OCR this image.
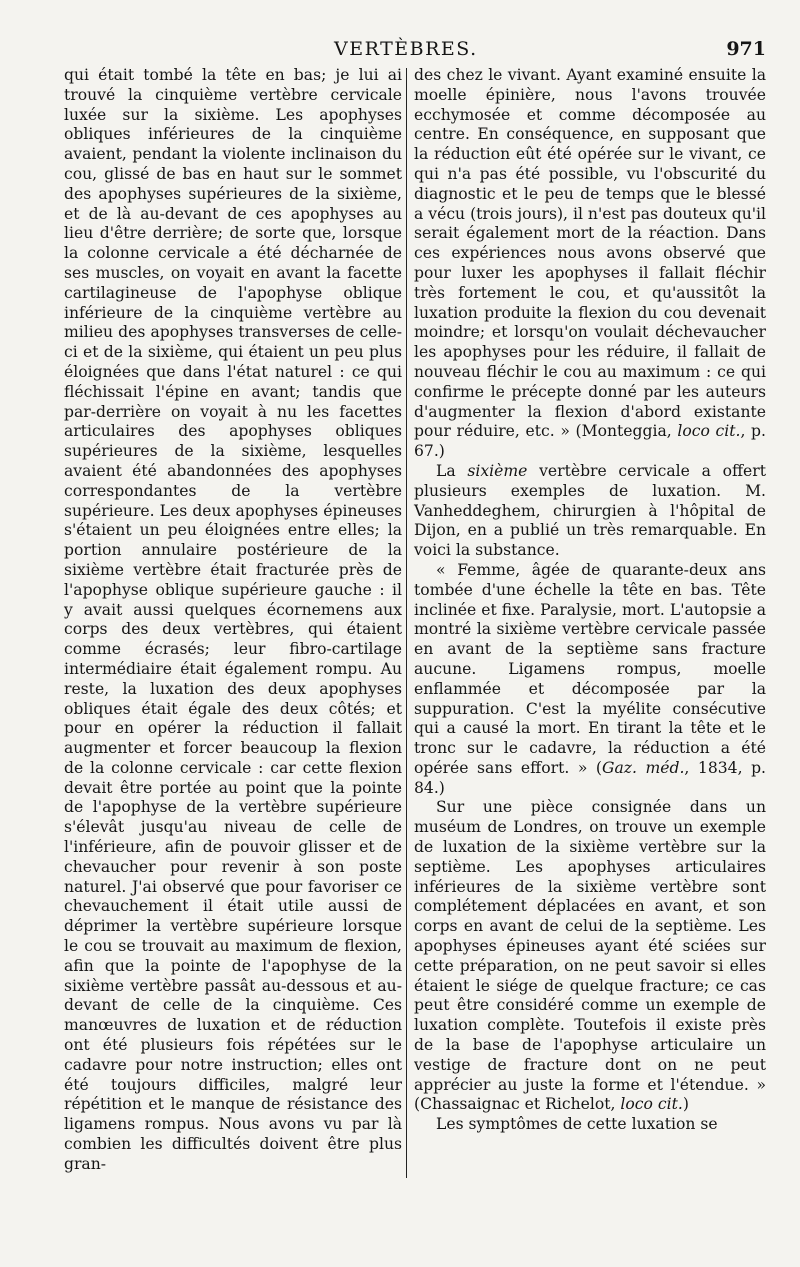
VERTÈBRES.	971

qui était tombé la tête en bas; je lui ai trouvé la cinquième vertèbre cervicale luxée sur la sixième. Les apophyses obliques inférieures de la cinquième avaient, pendant la violente inclinaison du cou, glissé de bas en haut sur le sommet des apophyses supérieures de la sixième, et de là au-devant de ces apophyses au lieu d'être derrière; de sorte que, lorsque la colonne cervicale a été décharnée de ses muscles, on voyait en avant la facette cartilagineuse de l'apophyse oblique inférieure de la cinquième vertèbre au milieu des apophyses transverses de celle-ci et de la sixième, qui étaient un peu plus éloignées que dans l'état naturel : ce qui fléchissait l'épine en avant; tandis que par-derrière on voyait à nu les facettes articulaires des apophyses obliques supérieures de la sixième, lesquelles avaient été abandonnées des apophyses correspondantes de la vertèbre supérieure. Les deux apophyses épineuses s'étaient un peu éloignées entre elles; la portion annulaire postérieure de la sixième vertèbre était fracturée près de l'apophyse oblique supérieure gauche : il y avait aussi quelques écornemens aux corps des deux vertèbres, qui étaient comme écrasés; leur fibro-cartilage intermédiaire était également rompu. Au reste, la luxation des deux apophyses obliques était égale des deux côtés; et pour en opérer la réduction il fallait augmenter et forcer beaucoup la flexion de la colonne cervicale : car cette flexion devait être portée au point que la pointe de l'apophyse de la vertèbre supérieure s'élevât jusqu'au niveau de celle de l'inférieure, afin de pouvoir glisser et de chevaucher pour revenir à son poste naturel. J'ai observé que pour favoriser ce chevauchement il était utile aussi de déprimer la vertèbre supérieure lorsque le cou se trouvait au maximum de flexion, afin que la pointe de l'apophyse de la sixième vertèbre passât au-dessous et au-devant de celle de la cinquième. Ces manœuvres de luxation et de réduction ont été plusieurs fois répétées sur le cadavre pour notre instruction; elles ont été toujours difficiles, malgré leur répétition et le manque de résistance des ligamens rompus. Nous avons vu par là combien les difficultés doivent être plus gran-

des chez le vivant. Ayant examiné ensuite la moelle épinière, nous l'avons trouvée ecchymosée et comme décomposée au centre. En conséquence, en supposant que la réduction eût été opérée sur le vivant, ce qui n'a pas été possible, vu l'obscurité du diagnostic et le peu de temps que le blessé a vécu (trois jours), il n'est pas douteux qu'il serait également mort de la réaction. Dans ces expériences nous avons observé que pour luxer les apophyses il fallait fléchir très fortement le cou, et qu'aussitôt la luxation produite la flexion du cou devenait moindre; et lorsqu'on voulait déchevaucher les apophyses pour les réduire, il fallait de nouveau fléchir le cou au maximum : ce qui confirme le précepte donné par les auteurs d'augmenter la flexion d'abord existante pour réduire, etc. » (Monteggia, loco cit., p. 67.)

La sixième vertèbre cervicale a offert plusieurs exemples de luxation. M. Vanheddeghem, chirurgien à l'hôpital de Dijon, en a publié un très remarquable. En voici la substance.

« Femme, âgée de quarante-deux ans tombée d'une échelle la tête en bas. Tête inclinée et fixe. Paralysie, mort. L'autopsie a montré la sixième vertèbre cervicale passée en avant de la septième sans fracture aucune. Ligamens rompus, moelle enflammée et décomposée par la suppuration. C'est la myélite consécutive qui a causé la mort. En tirant la tête et le tronc sur le cadavre, la réduction a été opérée sans effort. » (Gaz. méd., 1834, p. 84.)

Sur une pièce consignée dans un muséum de Londres, on trouve un exemple de luxation de la sixième vertèbre sur la septième. Les apophyses articulaires inférieures de la sixième vertèbre sont complétement déplacées en avant, et son corps en avant de celui de la septième. Les apophyses épineuses ayant été sciées sur cette préparation, on ne peut savoir si elles étaient le siége de quelque fracture; ce cas peut être considéré comme un exemple de luxation complète. Toutefois il existe près de la base de l'apophyse articulaire un vestige de fracture dont on ne peut apprécier au juste la forme et l'étendue. » (Chassaignac et Richelot, loco cit.)

Les symptômes de cette luxation se
